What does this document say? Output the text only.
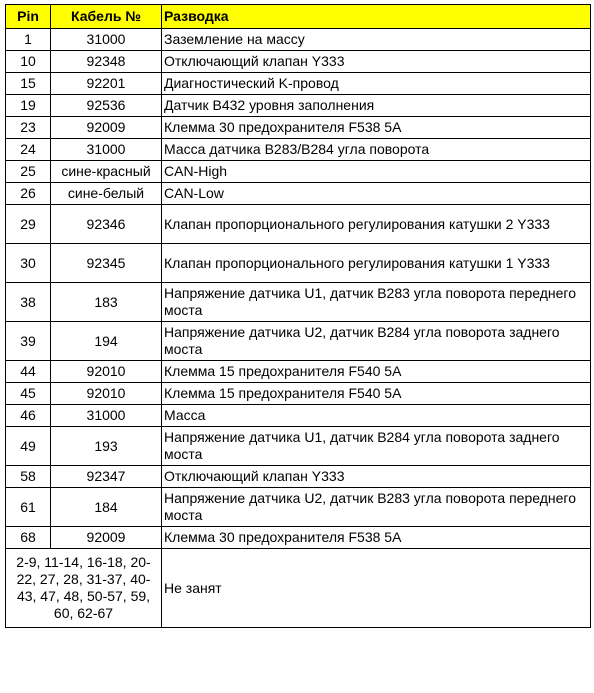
Pin	Кабель №	Разводка
1	31000	Заземление на массу
10	92348	Отключающий клапан Y333
15	92201	Диагностический K-провод
19	92536	Датчик B432 уровня заполнения
23	92009	Клемма 30 предохранителя F538 5A
24	31000	Масса датчика B283/B284 угла поворота
25	сине-красный	CAN-High
26	сине-белый	CAN-Low
29	92346	Клапан пропорционального регулирования катушки 2 Y333
30	92345	Клапан пропорционального регулирования катушки 1 Y333
38	183	Напряжение датчика U1, датчик B283 угла поворота переднего моста
39	194	Напряжение датчика U2, датчик B284 угла поворота заднего моста
44	92010	Клемма 15 предохранителя F540 5A
45	92010	Клемма 15 предохранителя F540 5A
46	31000	Масса
49	193	Напряжение датчика U1, датчик B284 угла поворота заднего моста
58	92347	Отключающий клапан Y333
61	184	Напряжение датчика U2, датчик B283 угла поворота переднего моста
68	92009	Клемма 30 предохранителя F538 5A
2-9, 11-14, 16-18, 20-22, 27, 28, 31-37, 40-43, 47, 48, 50-57, 59, 60, 62-67		Не занят
